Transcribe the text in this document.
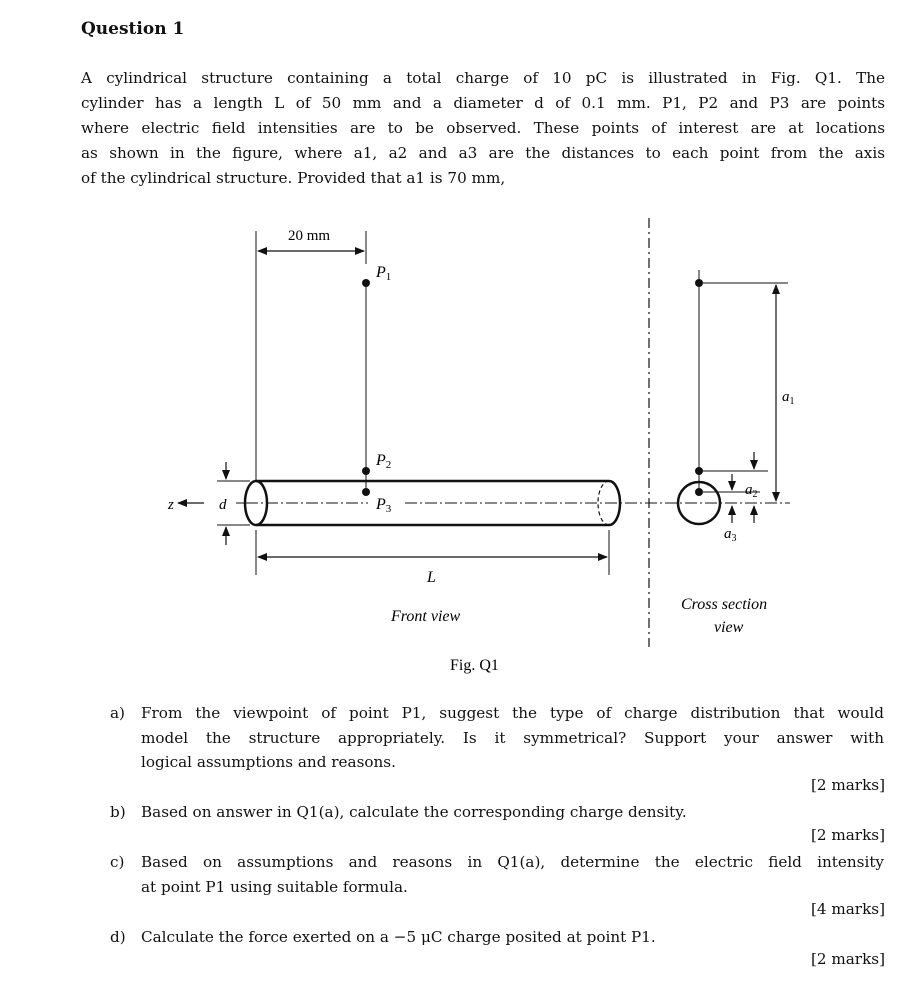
Question 1
A cylindrical structure containing a total charge of 10 pC is illustrated in Fig. Q1. The
cylinder has a length L of 50 mm and a diameter d of 0.1 mm. P1, P2 and P3 are points
where electric field intensities are to be observed. These points of interest are at locations
as shown in the figure, where a1, a2 and a3 are the distances to each point from the axis
of the cylindrical structure. Provided that a1 is 70 mm,
20 mm
P1
P2
P3
z	d
L
Front view
$a_1$
$a_2$
$a_3$
Cross section
view
Fig. Q1
a) From the viewpoint of point P1, suggest the type of charge distribution that would
model the structure appropriately. Is it symmetrical? Support your answer with
logical assumptions and reasons.
[2 marks]
b) Based on answer in Q1(a), calculate the corresponding charge density.
[2 marks]
c) Based on assumptions and reasons in Q1(a), determine the electric field intensity
at point P1 using suitable formula.
[4 marks]
d) Calculate the force exerted on a −5 μC charge posited at point P1.
[2 marks]
